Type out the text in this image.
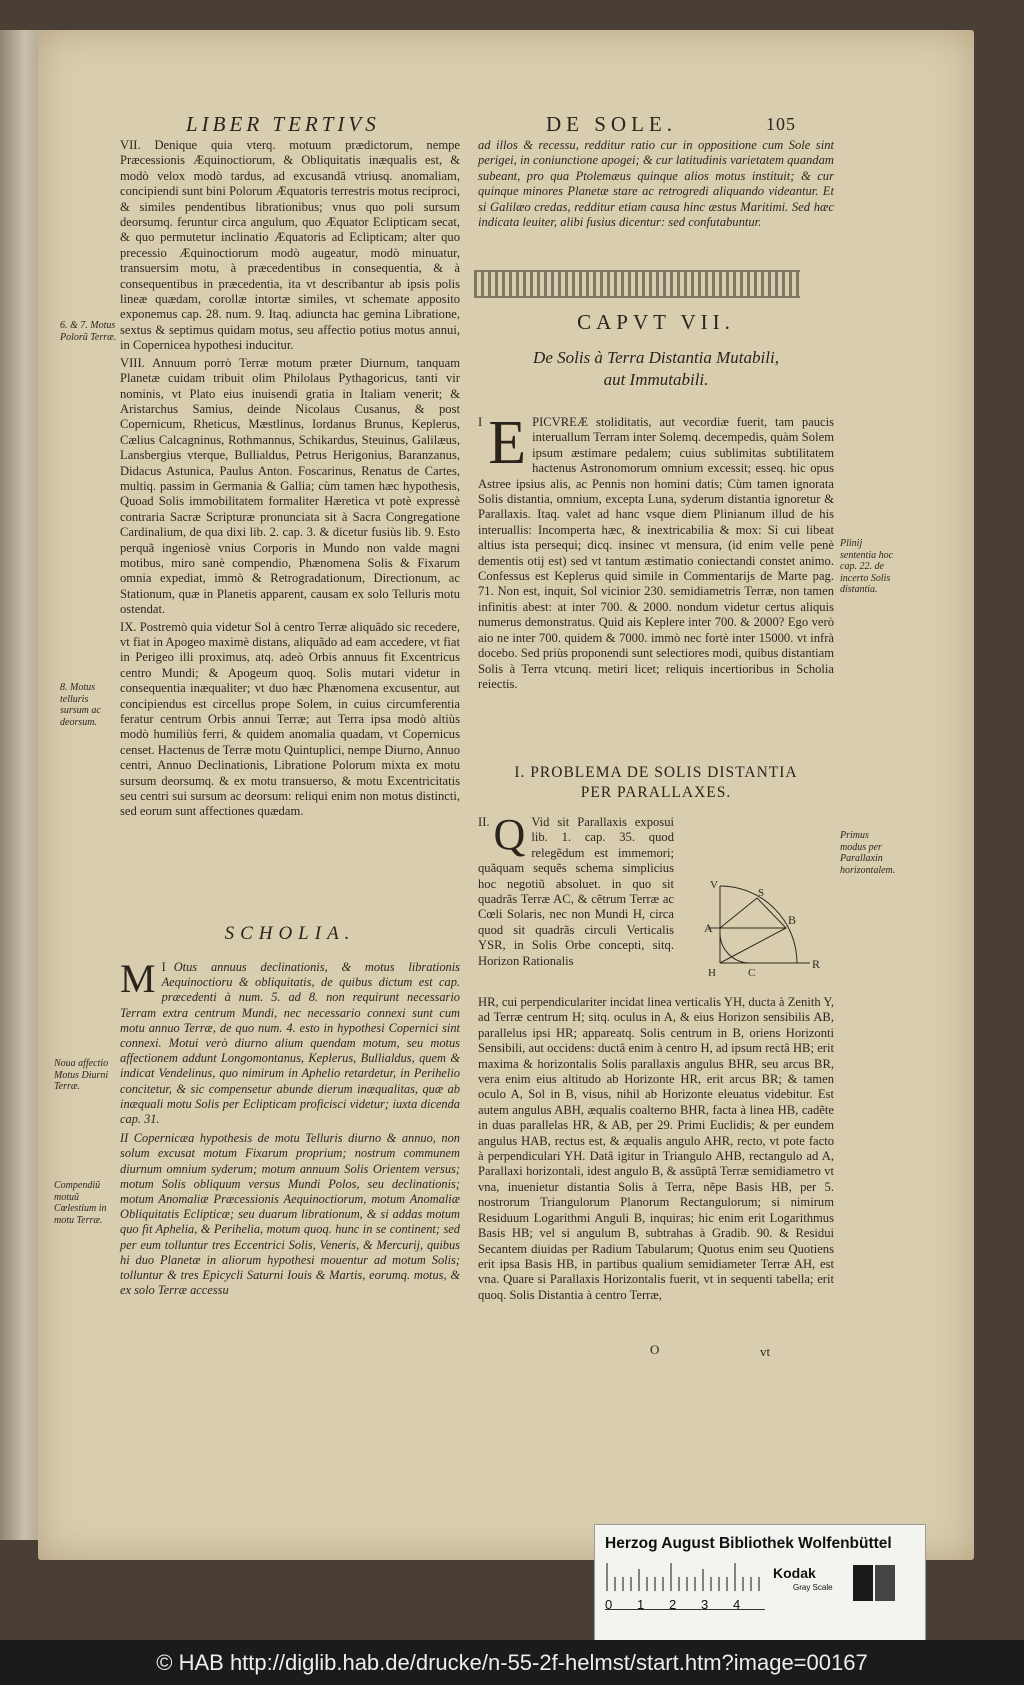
LIBER TERTIVS	DE SOLE.	105

VII. Denique quia vterq. motuum prædictorum, nempe Præcessionis Æquinoctiorum, & Obliquitatis inæqualis est, & modò velox modò tardus, ad excusandã vtriusq. anomaliam, concipiendi sunt bini Polorum Æquatoris terrestris motus reciproci, & similes pendentibus librationibus; vnus quo poli sursum deorsumq. feruntur circa angulum, quo Æquator Eclipticam secat, & quo permutetur inclinatio Æquatoris ad Eclipticam; alter quo precessio Æquinoctiorum modò augeatur, modò minuatur, transuersim motu, à præcedentibus in consequentia, & à consequentibus in præcedentia, ita vt describantur ab ipsis polis lineæ quædam, corollæ intortæ similes, vt schemate apposito exponemus cap. 28. num. 9. Itaq. adiuncta hac gemina Libratione, sextus & septimus quidam motus, seu affectio potius motus annui, in Copernicea hypothesi inducitur.

VIII. Annuum porrò Terræ motum præter Diurnum, tanquam Planetæ cuidam tribuit olim Philolaus Pythagoricus, tanti vir nominis, vt Plato eius inuisendi gratia in Italiam venerit; & Aristarchus Samius, deinde Nicolaus Cusanus, & post Copernicum, Rheticus, Mæstlinus, Iordanus Brunus, Keplerus, Cælius Calcagninus, Rothmannus, Schikardus, Steuinus, Galilæus, Lansbergius vterque, Bullialdus, Petrus Herigonius, Baranzanus, Didacus Astunica, Paulus Anton. Foscarinus, Renatus de Cartes, multiq. passim in Germania & Gallia; cùm tamen hæc hypothesis, Quoad Solis immobilitatem formaliter Hæretica vt potè expressè contraria Sacræ Scripturæ pronunciata sit à Sacra Congregatione Cardinalium, de qua dixi lib. 2. cap. 3. & dicetur fusiùs lib. 9. Esto perquã ingeniosè vnius Corporis in Mundo non valde magni motibus, miro sanè compendio, Phænomena Solis & Fixarum omnia expediat, immò & Retrogradationum, Directionum, ac Stationum, quæ in Planetis apparent, causam ex solo Telluris motu ostendat.

IX. Postremò quia videtur Sol à centro Terræ aliquãdo sic recedere, vt fiat in Apogeo maximè distans, aliquãdo ad eam accedere, vt fiat in Perigeo illi proximus, atq. adeò Orbis annuus fit Excentricus centro Mundi; & Apogeum quoq. Solis mutari videtur in consequentia inæqualiter; vt duo hæc Phænomena excusentur, aut concipiendus est circellus prope Solem, in cuius circumferentia feratur centrum Orbis annui Terræ; aut Terra ipsa modò altiùs modò humiliùs ferri, & quidem anomalia quadam, vt Copernicus censet. Hactenus de Terræ motu Quintuplici, nempe Diurno, Annuo centri, Annuo Declinationis, Libratione Polorum mixta ex motu sursum deorsumq. & ex motu transuerso, & motu Excentricitatis seu centri sui sursum ac deorsum: reliqui enim non motus distincti, sed eorum sunt affectiones quædam.

SCHOLIA.

I
M Otus annuus declinationis, & motus librationis Aequinoctioru & obliquitatis, de quibus dictum est cap. præcedenti à num. 5. ad 8. non requirunt necessario Terram extra centrum Mundi, nec necessario connexi sunt cum motu annuo Terræ, de quo num. 4. esto in hypothesi Copernici sint connexi. Motui verò diurno alium quendam motum, seu motus affectionem addunt Longomontanus, Keplerus, Bullialdus, quem & indicat Vendelinus, quo nimirum in Aphelio retardetur, in Perihelio concitetur, & sic compensetur abunde dierum inæqualitas, quæ ab inæquali motu Solis per Eclipticam proficisci videtur; iuxta dicenda cap. 31.

II Copernicæa hypothesis de motu Telluris diurno & annuo, non solum excusat motum Fixarum proprium; nostrum communem diurnum omnium syderum; motum annuum Solis Orientem versus; motum Solis obliquum versus Mundi Polos, seu declinationis; motum Anomaliæ Præcessionis Aequinoctiorum, motum Anomaliæ Obliquitatis Eclipticæ; seu duarum librationum, & si addas motum quo fit Aphelia, & Perihelia, motum quoq. hunc in se continent; sed per eum tolluntur tres Eccentrici Solis, Veneris, & Mercurij, quibus hi duo Planetæ in aliorum hypothesi mouentur ad motum Solis; tolluntur & tres Epicycli Saturni Iouis & Martis, eorumq. motus, & ex solo Terræ accessu

6. & 7. Motus Polorũ Terræ.
8. Motus telluris sursum ac deorsum.
Noua affectio Motus Diurni Terræ.
Compendiũ motuũ Cœlestium in motu Terræ.
ad illos & recessu, redditur ratio cur in oppositione cum Sole sint perigei, in coniunctione apogei; & cur latitudinis varietatem quandam subeant, pro qua Ptolemæus quinque alios motus instituit; & cur quinque minores Planetæ stare ac retrogredi aliquando videantur. Et si Galilæo credas, redditur etiam causa hinc æstus Maritimi. Sed hæc indicata leuiter, alibi fusius dicentur: sed confutabuntur.
CAPVT VII.
De Solis à Terra Distantia Mutabili,
aut Immutabili.

I E PICVREÆ stoliditatis, aut vecordiæ fuerit, tam paucis interuallum Terram inter Solemq. decempedis, quàm Solem ipsum æstimare pedalem; cuius sublimitas subtilitatem hactenus Astronomorum omnium excessit; esseq. hic opus Astree ipsius alis, ac Pennis non homini datis; Cùm tamen ignorata Solis distantia, omnium, excepta Luna, syderum distantia ignoretur & Parallaxis. Itaq. valet ad hanc vsque diem Plinianum illud de his interuallis: Incomperta hæc, & inextricabilia & mox: Si cui libeat altius ista persequi; dicq. insinec vt mensura, (id enim velle penè dementis otij est) sed vt tantum æstimatio coniectandi constet animo. Confessus est Keplerus quid simile in Commentarijs de Marte pag. 71. Non est, inquit, Sol vicinior 230. semidiametris Terræ, non tamen infinitis abest: at inter 700. & 2000. nondum videtur certus aliquis numerus demonstratus. Quid ais Keplere inter 700. & 2000? Ego verò aio ne inter 700. quidem & 7000. immò nec fortè inter 15000. vt infrà docebo. Sed priùs proponendi sunt selectiores modi, quibus distantiam Solis à Terra vtcunq. metiri licet; reliquis incertioribus in Scholia reiectis.

I. PROBLEMA DE SOLIS DISTANTIA
PER PARALLAXES.

II. Q Vid sit Parallaxis exposui lib. 1. cap. 35. quod relegẽdum est immemori; quãquam sequẽs schema simplicius hoc negotiũ absoluet. in quo sit quadrãs Terræ AC, & cẽtrum Terræ ac Cœli Solaris, nec non Mundi H, circa quod sit quadrãs circuli Verticalis YSR, in Solis Orbe concepti, sitq. Horizon Rationalis

A
B
V
S
H	C
R
HR, cui perpendiculariter incidat linea verticalis YH, ducta à Zenith Y, ad Terræ centrum H; sitq. oculus in A, & eius Horizon sensibilis AB, parallelus ipsi HR; appareatq. Solis centrum in B, oriens Horizonti Sensibili, aut occidens: ductâ enim à centro H, ad ipsum rectâ HB; erit maxima & horizontalis Solis parallaxis angulus BHR, seu arcus BR, vera enim eius altitudo ab Horizonte HR, erit arcus BR; & tamen oculo A, Sol in B, visus, nihil ab Horizonte eleuatus videbitur. Est autem angulus ABH, æqualis coalterno BHR, facta à linea HB, cadẽte in duas parallelas HR, & AB, per 29. Primi Euclidis; & per eundem angulus HAB, rectus est, & æqualis angulo AHR, recto, vt pote facto à perpendiculari YH. Datâ igitur in Triangulo AHB, rectangulo ad A, Parallaxi horizontali, idest angulo B, & assũptâ Terræ semidiametro vt vna, inuenietur distantia Solis à Terra, nẽpe Basis HB, per 5. nostrorum Triangulorum Planorum Rectangulorum; si nimirum Residuum Logarithmi Anguli B, inquiras; hic enim erit Logarithmus Basis HB; vel si angulum B, subtrahas à Gradib. 90. & Residui Secantem diuidas per Radium Tabularum; Quotus enim seu Quotiens erit ipsa Basis HB, in partibus qualium semidiameter Terræ AH, est vna. Quare si Parallaxis Horizontalis fuerit, vt in sequenti tabella; erit quoq. Solis Distantia à centro Terræ,
O	vt
Plinij sententia hoc cap. 22. de incerto Solis distantia.
Primus modus per Parallaxin horizontalem.
Herzog August Bibliothek Wolfenbüttel
0 1 2 3 4
Kodak
Gray Scale
© HAB http://diglib.hab.de/drucke/n-55-2f-helmst/start.htm?image=00167
